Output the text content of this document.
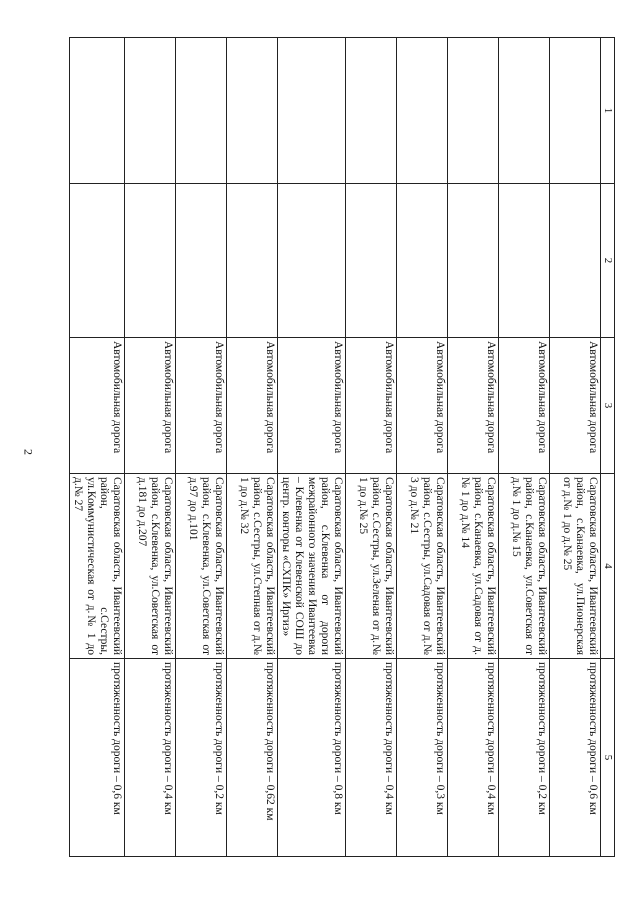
2
1	2	3	4	5
		Автомобильная дорога	Саратовская область, Ивантеевский район, с.Канаевка, ул.Пионерская от д.№ 1 до д.№ 25	протяженность дороги – 0,6 км
		Автомобильная дорога	Саратовская область, Ивантеевский район, с.Канаевка, ул.Советская от д.№ 1 до д.№ 15	протяженность дороги – 0,2 км
		Автомобильная дорога	Саратовская область, Ивантеевский район, с.Канаевка, ул.Садовая от д.№ 1 до д.№ 14	протяженность дороги – 0,4 км
		Автомобильная дорога	Саратовская область, Ивантеевский район, с.Сестры, ул.Садовая от д.№ 3 до д.№ 21	протяженность дороги – 0,3 км
		Автомобильная дорога	Саратовская область, Ивантеевский район, с.Сестры, ул.Зеленая от д.№ 1 до д.№ 25	протяженность дороги – 0,4 км
		Автомобильная дорога	Саратовская область, Ивантеевский район, с.Клевенка от дороги межрайонного значения Ивантеевка – Клевенка от Клевенской СОШ до центр. конторы «СХПК» Иргиз»	протяженность дороги – 0,8 км
		Автомобильная дорога	Саратовская область, Ивантеевский район, с.Сестры, ул.Степная от д.№ 1 до д.№ 32	протяженность дороги – 0,62 км
		Автомобильная дорога	Саратовская область, Ивантеевский район, с.Клевенка, ул.Советская от д.97 до д.101	протяженность дороги – 0,2 км
		Автомобильная дорога	Саратовская область, Ивантеевский район, с.Клевенка, ул.Советская от д.181 до д.207	протяженность дороги – 0,4 км
		Автомобильная дорога	Саратовская область, Ивантеевский район, с.Сестры, ул.Коммунистическая от д.№ 1 до д.№ 27	протяженность дороги – 0,6 км
